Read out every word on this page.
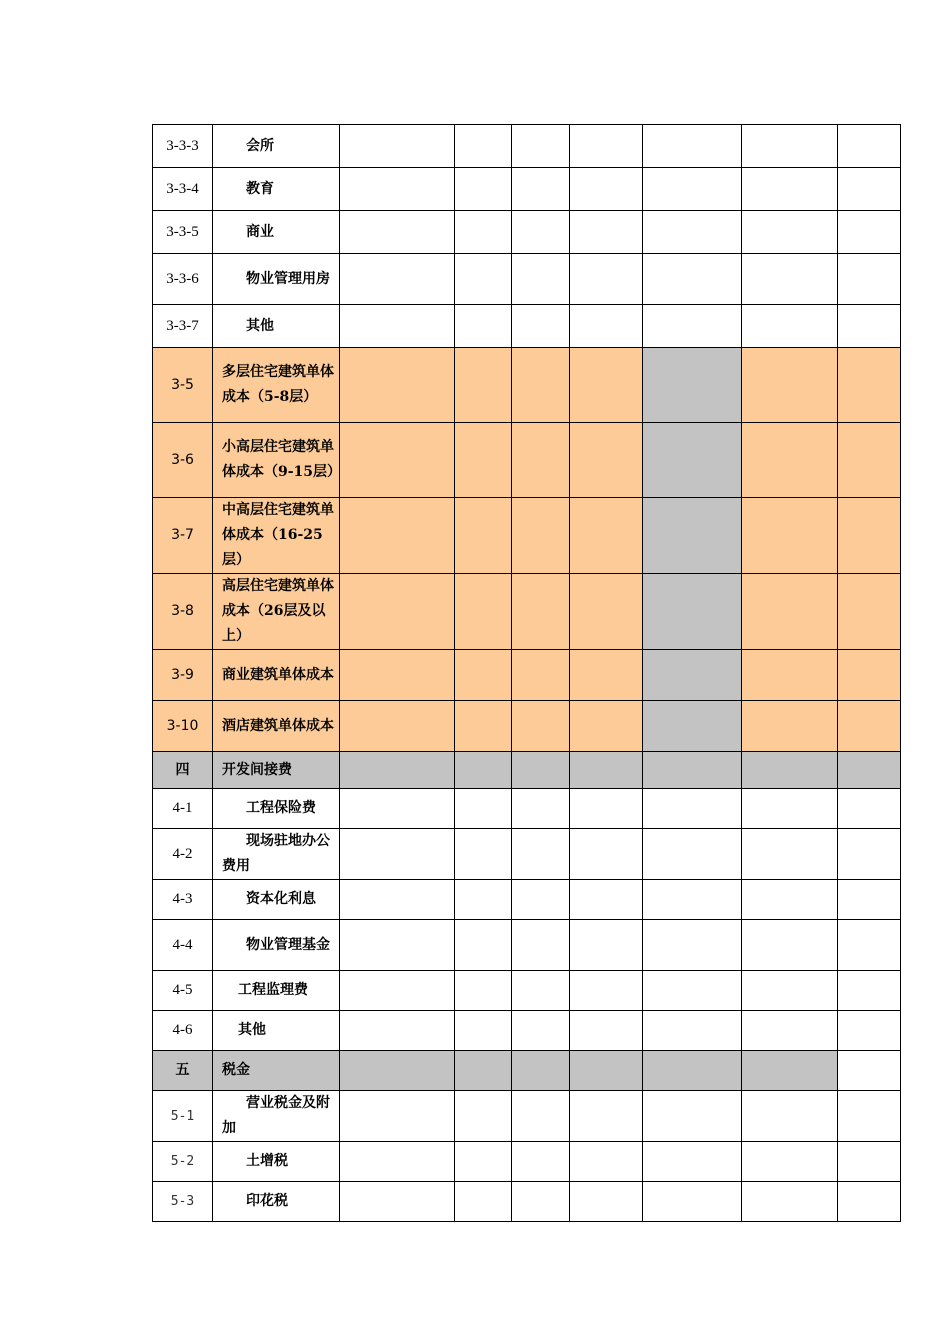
3-3-3	会所							
3-3-4	教育							
3-3-5	商业							
3-3-6	物业管理用房							
3-3-7	其他							
3-5	多层住宅建筑单体成本（5-8层）							
3-6	小高层住宅建筑单体成本（9-15层）							
3-7	中高层住宅建筑单体成本（16-25层）							
3-8	高层住宅建筑单体成本（26层及以上）							
3-9	商业建筑单体成本							
3-10	酒店建筑单体成本							
四	开发间接费							
4-1	工程保险费							
4-2	现场驻地办公费用							
4-3	资本化利息							
4-4	物业管理基金							
4-5	工程监理费							
4-6	其他							
五	税金							
5-1	营业税金及附加							
5-2	土增税							
5-3	印花税							
